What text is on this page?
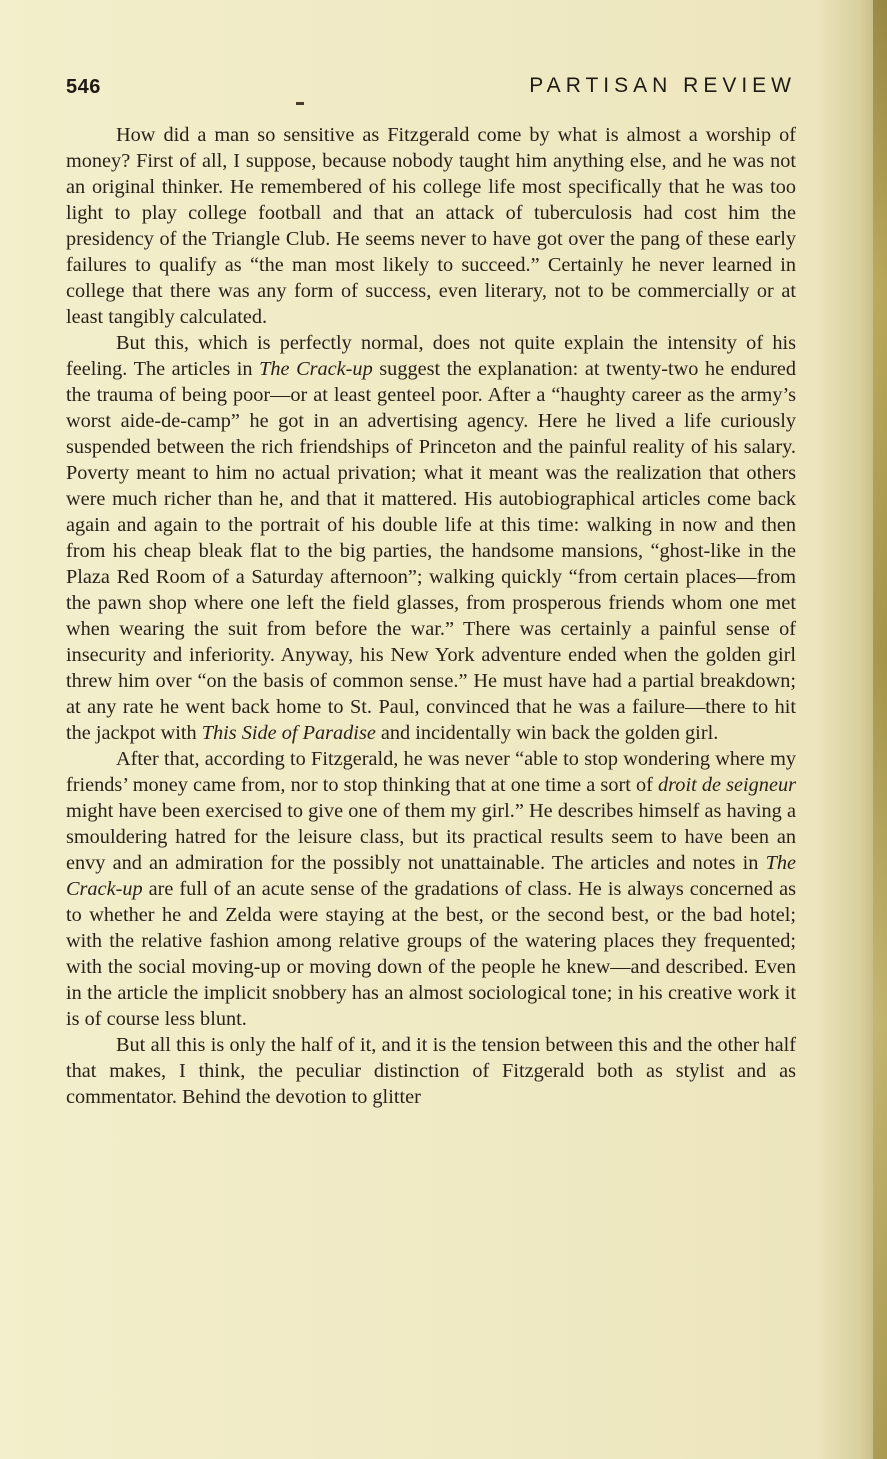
546	PARTISAN REVIEW

How did a man so sensitive as Fitzgerald come by what is almost a worship of money? First of all, I suppose, because nobody taught him anything else, and he was not an original thinker. He remembered of his college life most specifically that he was too light to play college football and that an attack of tuberculosis had cost him the presidency of the Triangle Club. He seems never to have got over the pang of these early failures to qualify as “the man most likely to succeed.” Certainly he never learned in college that there was any form of success, even literary, not to be commercially or at least tangibly calculated.

But this, which is perfectly normal, does not quite explain the intensity of his feeling. The articles in The Crack-up suggest the explanation: at twenty-two he endured the trauma of being poor—or at least genteel poor. After a “haughty career as the army’s worst aide-de-camp” he got in an advertising agency. Here he lived a life curiously suspended between the rich friendships of Princeton and the painful reality of his salary. Poverty meant to him no actual privation; what it meant was the realization that others were much richer than he, and that it mattered. His autobiographical articles come back again and again to the portrait of his double life at this time: walking in now and then from his cheap bleak flat to the big parties, the handsome mansions, “ghost-like in the Plaza Red Room of a Saturday afternoon”; walking quickly “from certain places—from the pawn shop where one left the field glasses, from prosperous friends whom one met when wearing the suit from before the war.” There was certainly a painful sense of insecurity and inferiority. Anyway, his New York adventure ended when the golden girl threw him over “on the basis of common sense.” He must have had a partial breakdown; at any rate he went back home to St. Paul, convinced that he was a failure—there to hit the jackpot with This Side of Paradise and incidentally win back the golden girl.

After that, according to Fitzgerald, he was never “able to stop wondering where my friends’ money came from, nor to stop thinking that at one time a sort of droit de seigneur might have been exercised to give one of them my girl.” He describes himself as having a smouldering hatred for the leisure class, but its practical results seem to have been an envy and an admiration for the possibly not unattainable. The articles and notes in The Crack-up are full of an acute sense of the gradations of class. He is always concerned as to whether he and Zelda were staying at the best, or the second best, or the bad hotel; with the relative fashion among relative groups of the watering places they frequented; with the social moving-up or moving down of the people he knew—and described. Even in the article the implicit snobbery has an almost sociological tone; in his creative work it is of course less blunt.

But all this is only the half of it, and it is the tension between this and the other half that makes, I think, the peculiar distinction of Fitzgerald both as stylist and as commentator. Behind the devotion to glitter
